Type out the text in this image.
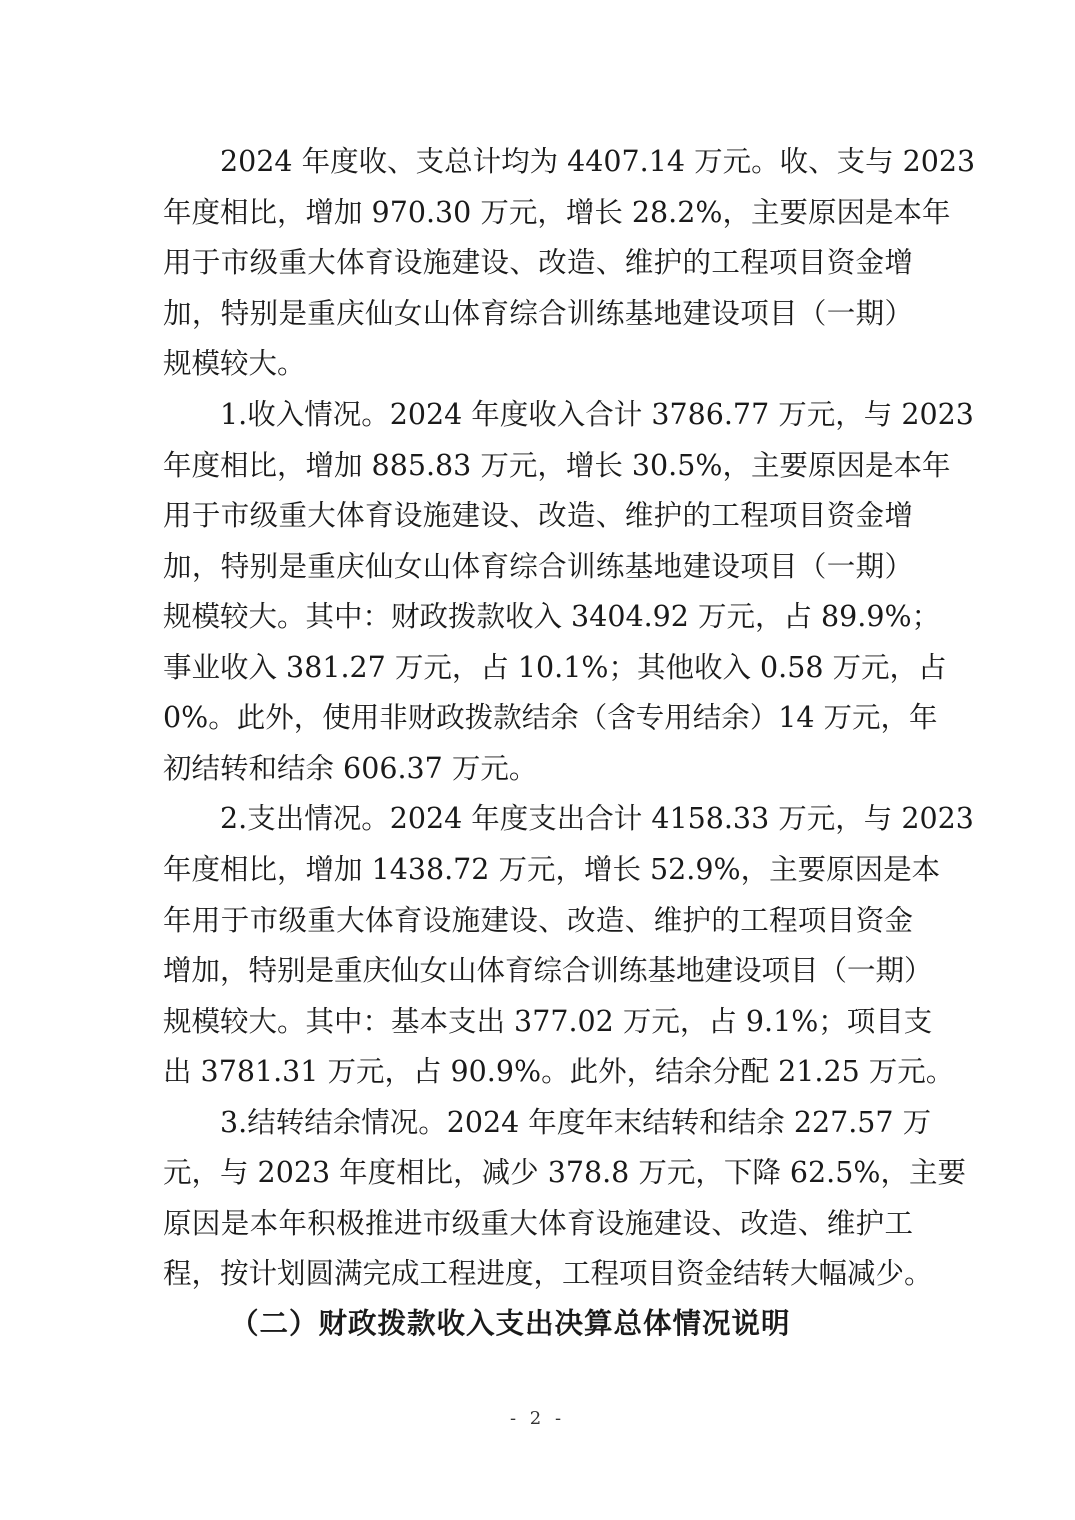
2024 年度收、支总计均为 4407.14 万元。收、支与 2023
年度相比，增加 970.30 万元，增长 28.2%，主要原因是本年
用于市级重大体育设施建设、改造、维护的工程项目资金增
加，特别是重庆仙女山体育综合训练基地建设项目（一期）
规模较大。
1.收入情况。2024 年度收入合计 3786.77 万元，与 2023
年度相比，增加 885.83 万元，增长 30.5%，主要原因是本年
用于市级重大体育设施建设、改造、维护的工程项目资金增
加，特别是重庆仙女山体育综合训练基地建设项目（一期）
规模较大。其中：财政拨款收入 3404.92 万元，占 89.9%；
事业收入 381.27 万元，占 10.1%；其他收入 0.58 万元，占
0%。此外，使用非财政拨款结余（含专用结余）14 万元，年
初结转和结余 606.37 万元。
2.支出情况。2024 年度支出合计 4158.33 万元，与 2023
年度相比，增加 1438.72 万元，增长 52.9%，主要原因是本
年用于市级重大体育设施建设、改造、维护的工程项目资金
增加，特别是重庆仙女山体育综合训练基地建设项目（一期）
规模较大。其中：基本支出 377.02 万元，占 9.1%；项目支
出 3781.31 万元，占 90.9%。此外，结余分配 21.25 万元。
3.结转结余情况。2024 年度年末结转和结余 227.57 万
元，与 2023 年度相比，减少 378.8 万元，下降 62.5%，主要
原因是本年积极推进市级重大体育设施建设、改造、维护工
程，按计划圆满完成工程进度，工程项目资金结转大幅减少。
（二）财政拨款收入支出决算总体情况说明
- 2 -
